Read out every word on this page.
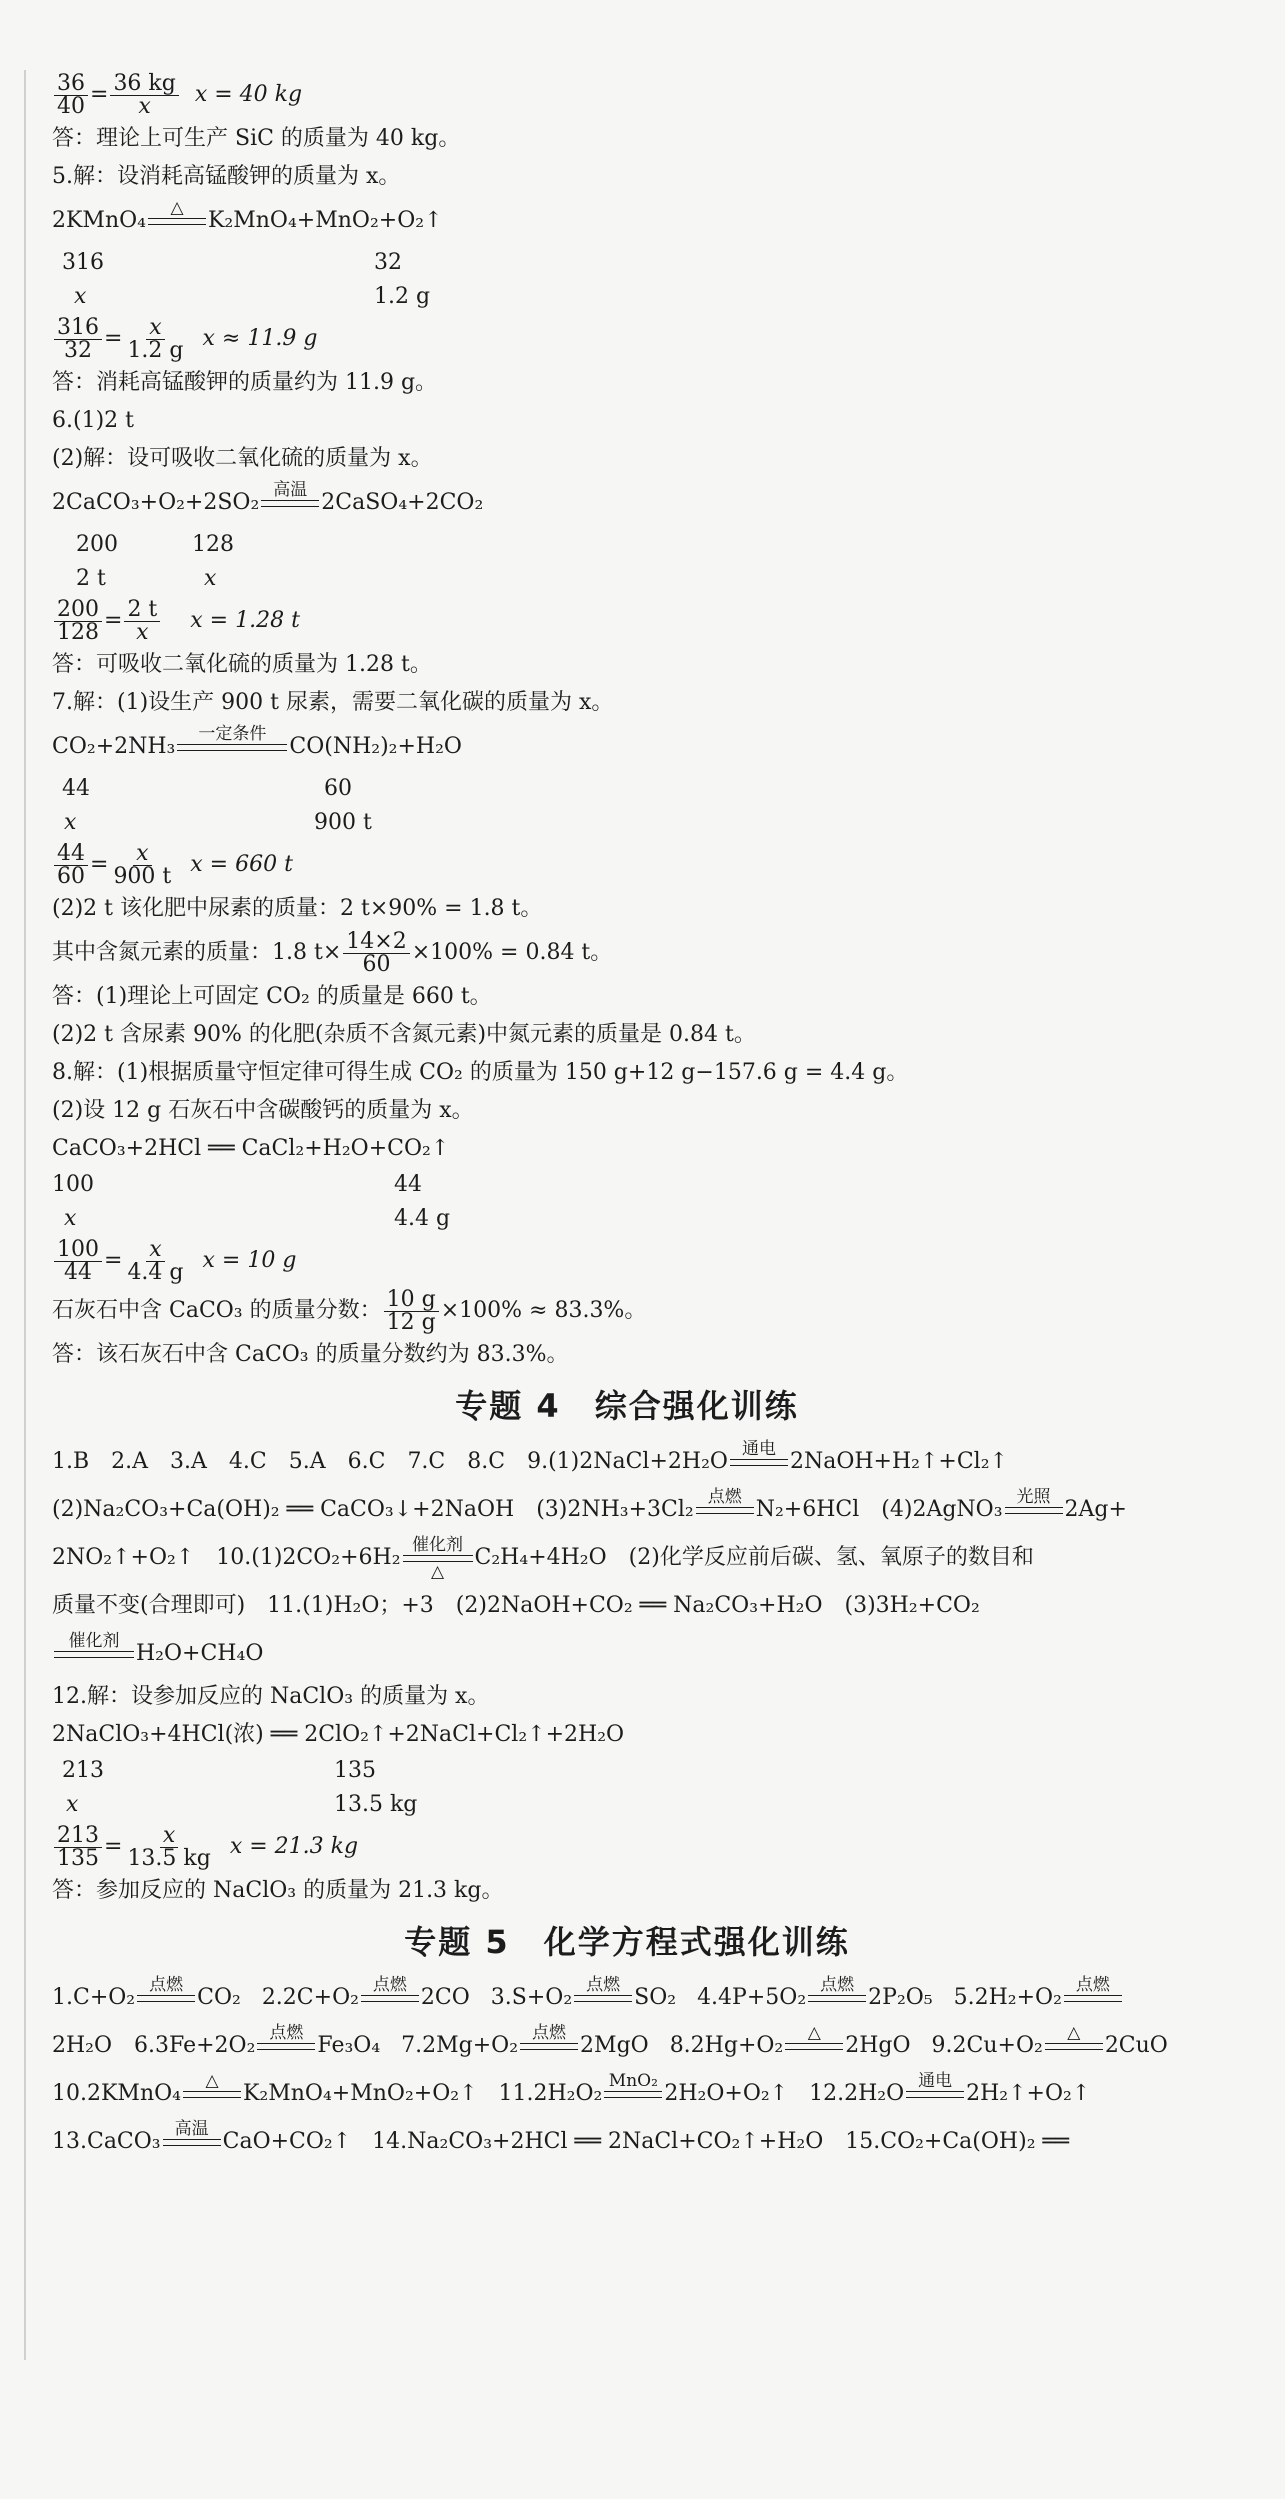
$\frac{36}{40} = \frac{36 kg}{x}$ x = 40 kg
答：理论上可生产 SiC 的质量为 40 kg。
5.解：设消耗高锰酸钾的质量为 x。
2KMnO₄
△
K₂MnO₄+MnO₂+O₂↑
316	32
x	1.2 g
$\frac{316}{32} = \frac{x}{1.2 g}$ x ≈ 11.9 g
答：消耗高锰酸钾的质量约为 11.9 g。
6.(1)2 t
(2)解：设可吸收二氧化硫的质量为 x。
2CaCO₃+O₂+2SO₂
高温
2CaSO₄+2CO₂
200	128
2 t	x
$\frac{200}{128} = \frac{2 t}{x}$ x = 1.28 t
答：可吸收二氧化硫的质量为 1.28 t。
7.解：(1)设生产 900 t 尿素，需要二氧化碳的质量为 x。
CO₂+2NH₃
一定条件
CO(NH₂)₂+H₂O
44	60
x	900 t
$\frac{44}{60} = \frac{x}{900 t}$ x = 660 t
(2)2 t 该化肥中尿素的质量：2 t×90% = 1.8 t。
其中含氮元素的质量：1.8 $t\times \frac{14\times 2}{60} \times 100\% = 0.84$ t。
答：(1)理论上可固定 CO₂ 的质量是 660 t。
(2)2 t 含尿素 90% 的化肥(杂质不含氮元素)中氮元素的质量是 0.84 t。
8.解：(1)根据质量守恒定律可得生成 CO₂ 的质量为 150 g+12 g−157.6 g = 4.4 g。
(2)设 12 g 石灰石中含碳酸钙的质量为 x。
CaCO₃+2HCl ══ CaCl₂+H₂O+CO₂↑
100	44
x	4.4 g
$\frac{100}{44} = \frac{x}{4.4 g}$ x = 10 g
石灰石中含 CaCO₃ 的质量分数： $\frac{10 g}{12 g} \times 100\% \approx 83.3\%$。
答：该石灰石中含 CaCO₃ 的质量分数约为 83.3%。
专题 4　综合强化训练
1.B　2.A　3.A　4.C　5.A　6.C　7.C　8.C　9.(1)2NaCl+2H₂O
通电
2NaOH+H₂↑+Cl₂↑
(2)Na₂CO₃+Ca(OH)₂ ══ CaCO₃↓+2NaOH　(3)2NH₃+3Cl₂
点燃
N₂+6HCl　(4)2AgNO₃
光照
2Ag+
2NO₂↑+O₂↑　10.(1)2CO₂+6H₂
催化剂
△
C₂H₄+4H₂O　(2)化学反应前后碳、氢、氧原子的数目和
质量不变(合理即可)　11.(1)H₂O；+3　(2)2NaOH+CO₂ ══ Na₂CO₃+H₂O　(3)3H₂+CO₂
催化剂
H₂O+CH₄O
12.解：设参加反应的 NaClO₃ 的质量为 x。
2NaClO₃+4HCl(浓) ══ 2ClO₂↑+2NaCl+Cl₂↑+2H₂O
213	135
x	13.5 kg
$\frac{213}{135} = \frac{x}{13.5 kg}$ x = 21.3 kg
答：参加反应的 NaClO₃ 的质量为 21.3 kg。
专题 5　化学方程式强化训练
1.C+O₂
点燃
CO₂ 2.2C+O₂
点燃
2CO 3.S+O₂
点燃
SO₂ 4.4P+5O₂
点燃
2P₂O₅ 5.2H₂+O₂
点燃
2H₂O　6.3Fe+2O₂
点燃
Fe₃O₄ 7.2Mg+O₂
点燃
2MgO 8.2Hg+O₂
△
2HgO 9.2Cu+O₂
△
2CuO
10.2KMnO₄
△
K₂MnO₄+MnO₂+O₂↑ 11.2H₂O₂
MnO₂
2H₂O+O₂↑ 12.2H₂O
通电
2H₂↑+O₂↑
13.CaCO₃
高温
CaO+CO₂↑ 14.Na₂CO₃+2HCl ══ 2NaCl+CO₂↑+H₂O　15.CO₂+Ca(OH)₂ ══
